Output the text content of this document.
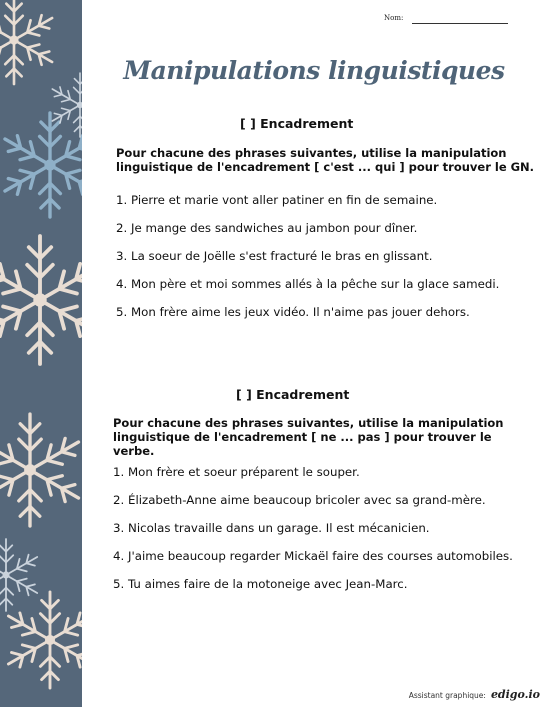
Nom:
Manipulations linguistiques
[ ] Encadrement
Pour chacune des phrases suivantes, utilise la manipulation linguistique de l'encadrement [ c'est ... qui ] pour trouver le GN.
1. Pierre et marie vont aller patiner en fin de semaine.
2. Je mange des sandwiches au jambon pour dîner.
3. La soeur de Joëlle s'est fracturé le bras en glissant.
4. Mon père et moi sommes allés à la pêche sur la glace samedi.
5. Mon frère aime les jeux vidéo. Il n'aime pas jouer dehors.
[ ] Encadrement
Pour chacune des phrases suivantes, utilise la manipulation linguistique de l'encadrement [ ne ... pas ] pour trouver le verbe.
1. Mon frère et soeur préparent le souper.
2. Élizabeth-Anne aime beaucoup bricoler avec sa grand-mère.
3. Nicolas travaille dans un garage. Il est mécanicien.
4. J'aime beaucoup regarder Mickaël faire des courses automobiles.
5. Tu aimes faire de la motoneige avec Jean-Marc.
Assistant graphique: edigo.io
